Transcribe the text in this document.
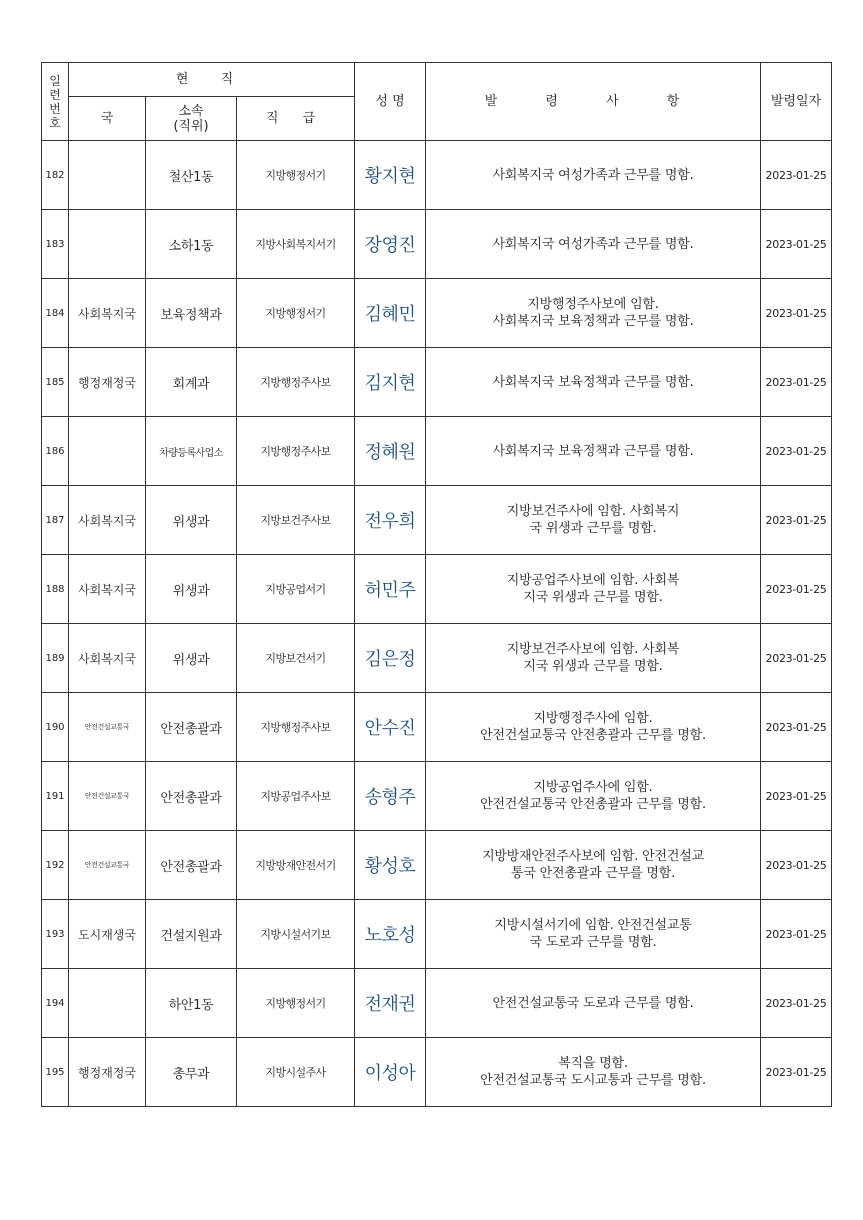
일
련
번
호	현 직			성 명	발 령 사 항	발령일자
	국	소속
(직위)	직 급			
182		철산1동	지방행정서기	황지현	사회복지국 여성가족과 근무를 명함.	2023-01-25
183		소하1동	지방사회복지서기	장영진	사회복지국 여성가족과 근무를 명함.	2023-01-25
184	사회복지국	보육정책과	지방행정서기	김혜민	지방행정주사보에 임함.
사회복지국 보육정책과 근무를 명함.	2023-01-25
185	행정재정국	회계과	지방행정주사보	김지현	사회복지국 보육정책과 근무를 명함.	2023-01-25
186		차량등록사업소	지방행정주사보	정혜원	사회복지국 보육정책과 근무를 명함.	2023-01-25
187	사회복지국	위생과	지방보건주사보	전우희	지방보건주사에 임함. 사회복지
국 위생과 근무를 명함.	2023-01-25
188	사회복지국	위생과	지방공업서기	허민주	지방공업주사보에 임함. 사회복
지국 위생과 근무를 명함.	2023-01-25
189	사회복지국	위생과	지방보건서기	김은정	지방보건주사보에 임함. 사회복
지국 위생과 근무를 명함.	2023-01-25
190	안전건설교통국	안전총괄과	지방행정주사보	안수진	지방행정주사에 임함.
안전건설교통국 안전총괄과 근무를 명함.	2023-01-25
191	안전건설교통국	안전총괄과	지방공업주사보	송형주	지방공업주사에 임함.
안전건설교통국 안전총괄과 근무를 명함.	2023-01-25
192	안전건설교통국	안전총괄과	지방방재안전서기	황성호	지방방재안전주사보에 임함. 안전건설교
통국 안전총괄과 근무를 명함.	2023-01-25
193	도시재생국	건설지원과	지방시설서기보	노호성	지방시설서기에 임함. 안전건설교통
국 도로과 근무를 명함.	2023-01-25
194		하안1동	지방행정서기	전재권	안전건설교통국 도로과 근무를 명함.	2023-01-25
195	행정재정국	총무과	지방시설주사	이성아	복직을 명함.
안전건설교통국 도시교통과 근무를 명함.	2023-01-25
